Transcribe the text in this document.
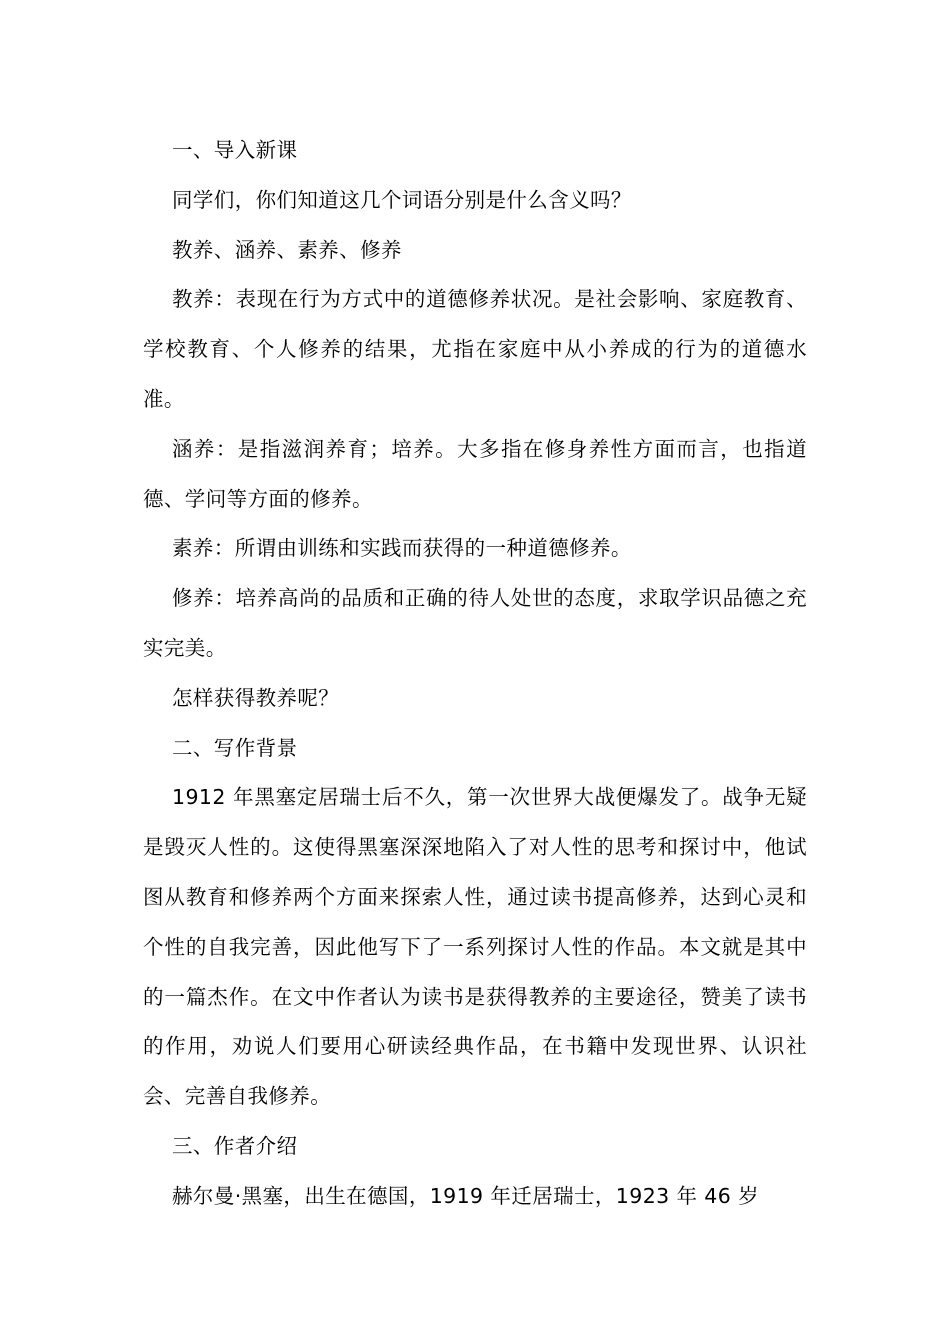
一、导入新课

同学们，你们知道这几个词语分别是什么含义吗？

教养、涵养、素养、修养

教养：表现在行为方式中的道德修养状况。是社会影响、家庭教育、学校教育、个人修养的结果，尤指在家庭中从小养成的行为的道德水准。

涵养：是指滋润养育；培养。大多指在修身养性方面而言，也指道德、学问等方面的修养。

素养：所谓由训练和实践而获得的一种道德修养。

修养：培养高尚的品质和正确的待人处世的态度，求取学识品德之充实完美。

怎样获得教养呢？

二、写作背景

1912 年黑塞定居瑞士后不久，第一次世界大战便爆发了。战争无疑是毁灭人性的。这使得黑塞深深地陷入了对人性的思考和探讨中，他试图从教育和修养两个方面来探索人性，通过读书提高修养，达到心灵和个性的自我完善，因此他写下了一系列探讨人性的作品。本文就是其中的一篇杰作。在文中作者认为读书是获得教养的主要途径，赞美了读书的作用，劝说人们要用心研读经典作品，在书籍中发现世界、认识社会、完善自我修养。

三、作者介绍

赫尔曼·黑塞，出生在德国，1919 年迁居瑞士，1923 年 46 岁
